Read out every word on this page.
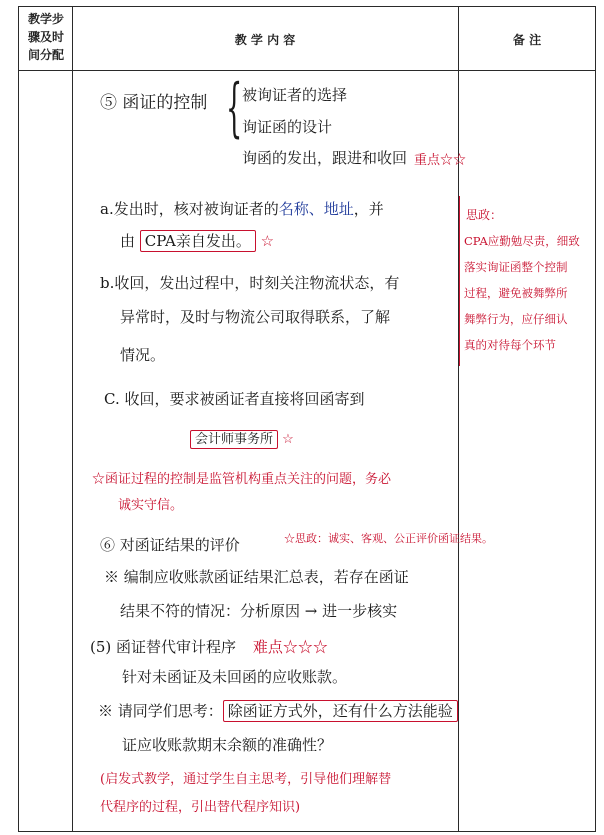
教学步
骤及时
间分配
教 学 内 容	备 注
⑤ 函证的控制 { 被询证者的选择
询证函的设计
询函的发出，跟进和收回 重点☆☆
a.发出时，核对被询证者的名称、地址，并
由 CPA亲自发出。 ☆
b.收回，发出过程中，时刻关注物流状态，有
异常时，及时与物流公司取得联系，了解
情况。
C. 收回，要求被函证者直接将回函寄到
会计师事务所 ☆
☆函证过程的控制是监管机构重点关注的问题，务必
诚实守信。
⑥ 对函证结果的评价	☆思政：诚实、客观、公正评价函证结果。
※ 编制应收账款函证结果汇总表，若存在函证
结果不符的情况：分析原因 → 进一步核实
(5) 函证替代审计程序 难点☆☆☆
针对未函证及未回函的应收账款。
※ 请同学们思考： 除函证方式外，还有什么方法能验
证应收账款期末余额的准确性？
(启发式教学，通过学生自主思考，引导他们理解替
代程序的过程，引出替代程序知识)
思政：
CPA应勤勉尽责，细致
落实询证函整个控制
过程，避免被舞弊所
舞弊行为，应仔细认
真的对待每个环节
